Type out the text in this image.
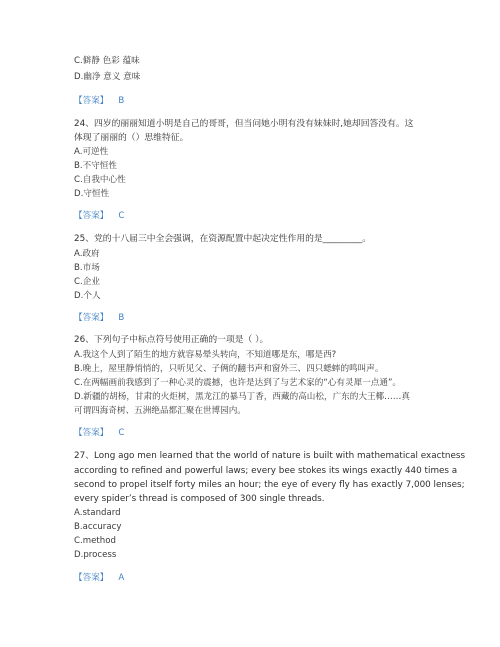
C.僻静 色彩 蕴味
D.幽净 意义 意味
【答案】 B
24、四岁的丽丽知道小明是自己的哥哥，但当问她小明有没有妹妹时,她却回答没有。这
体现了丽丽的（）思维特征。
A.可逆性
B.不守恒性
C.自我中心性
D.守恒性
【答案】 C
25、党的十八届三中全会强调，在资源配置中起决定性作用的是_________。
A.政府
B.市场
C.企业
D.个人
【答案】 B
26、下列句子中标点符号使用正确的一项是（ ）。
A.我这个人到了陌生的地方就容易晕头转向，不知道哪是东，哪是西?
B.晚上，屋里静悄悄的，只听见父、子俩的翻书声和窗外三、四只蟋蟀的鸣叫声。
C.在两幅画前我感到了一种心灵的震撼，也许是达到了与艺术家的“心有灵犀一点通”。
D.新疆的胡杨，甘肃的火炬树，黑龙江的暴马丁香，西藏的高山松，广东的大王椰……真
可谓四海奇树、五洲绝品都汇聚在世博园内。
【答案】 C
27、Long ago men learned that the world of nature is built with mathematical exactness
according to refined and powerful laws; every bee stokes its wings exactly 440 times a
second to propel itself forty miles an hour; the eye of every fly has exactly 7,000 lenses;
every spider’s thread is composed of 300 single threads.
A.standard
B.accuracy
C.method
D.process
【答案】 A
